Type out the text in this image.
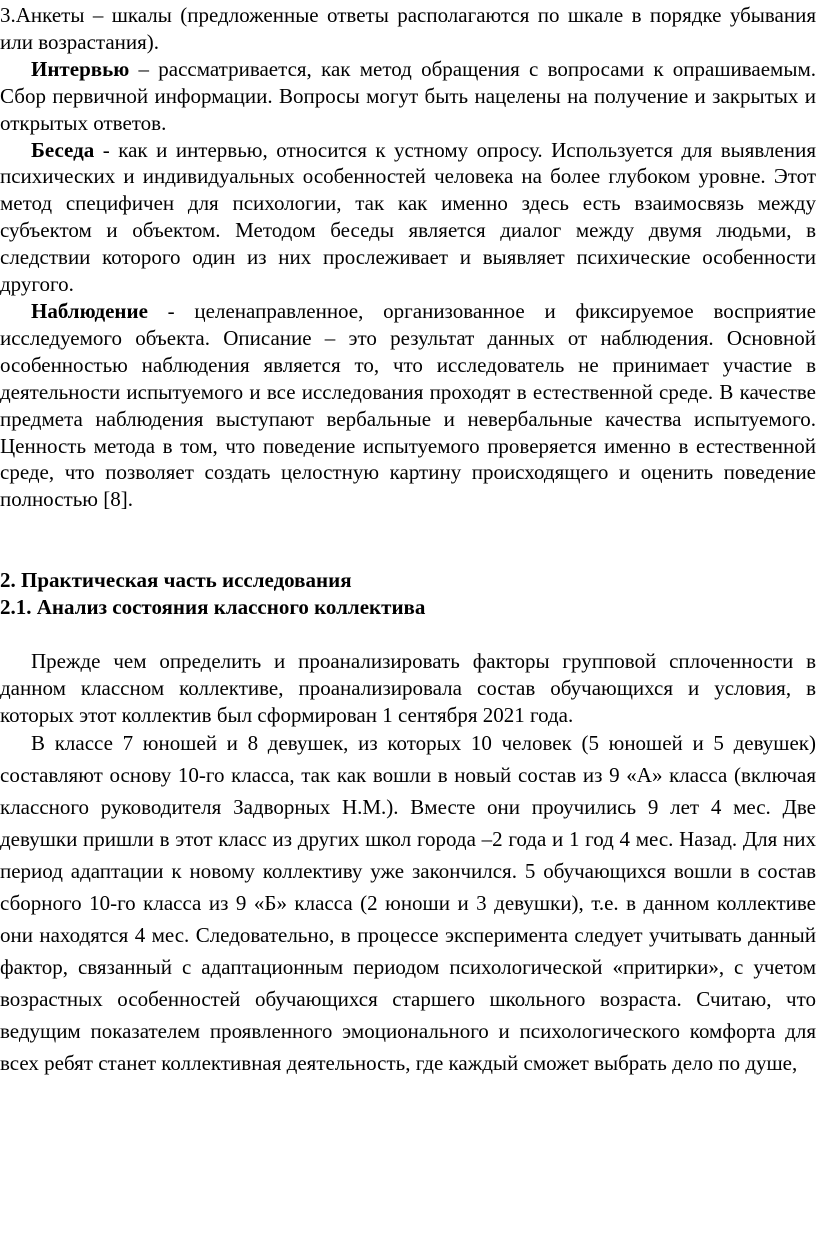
3.Анкеты – шкалы (предложенные ответы располагаются по шкале в порядке убывания или возрастания).

Интервью – рассматривается, как метод обращения с вопросами к опрашиваемым. Сбор первичной информации. Вопросы могут быть нацелены на получение и закрытых и открытых ответов.

Беседа - как и интервью, относится к устному опросу. Используется для выявления психических и индивидуальных особенностей человека на более глубоком уровне. Этот метод специфичен для психологии, так как именно здесь есть взаимосвязь между субъектом и объектом. Методом беседы является диалог между двумя людьми, в следствии которого один из них прослеживает и выявляет психические особенности другого.

Наблюдение - целенаправленное, организованное и фиксируемое восприятие исследуемого объекта. Описание – это результат данных от наблюдения. Основной особенностью наблюдения является то, что исследователь не принимает участие в деятельности испытуемого и все исследования проходят в естественной среде. В качестве предмета наблюдения выступают вербальные и невербальные качества испытуемого. Ценность метода в том, что поведение испытуемого проверяется именно в естественной среде, что позволяет создать целостную картину происходящего и оценить поведение полностью [8].

2. Практическая часть исследования

2.1. Анализ состояния классного коллектива

Прежде чем определить и проанализировать факторы групповой сплоченности в данном классном коллективе, проанализировала состав обучающихся и условия, в которых этот коллектив был сформирован 1 сентября 2021 года.

В классе 7 юношей и 8 девушек, из которых 10 человек (5 юношей и 5 девушек) составляют основу 10-го класса, так как вошли в новый состав из 9 «А» класса (включая классного руководителя Задворных Н.М.). Вместе они проучились 9 лет 4 мес. Две девушки пришли в этот класс из других школ города –2 года и 1 год 4 мес. Назад. Для них период адаптации к новому коллективу уже закончился. 5 обучающихся вошли в состав сборного 10-го класса из 9 «Б» класса (2 юноши и 3 девушки), т.е. в данном коллективе они находятся 4 мес. Следовательно, в процессе эксперимента следует учитывать данный фактор, связанный с адаптационным периодом психологической «притирки», с учетом возрастных особенностей обучающихся старшего школьного возраста. Считаю, что ведущим показателем проявленного эмоционального и психологического комфорта для всех ребят станет коллективная деятельность, где каждый сможет выбрать дело по душе,
